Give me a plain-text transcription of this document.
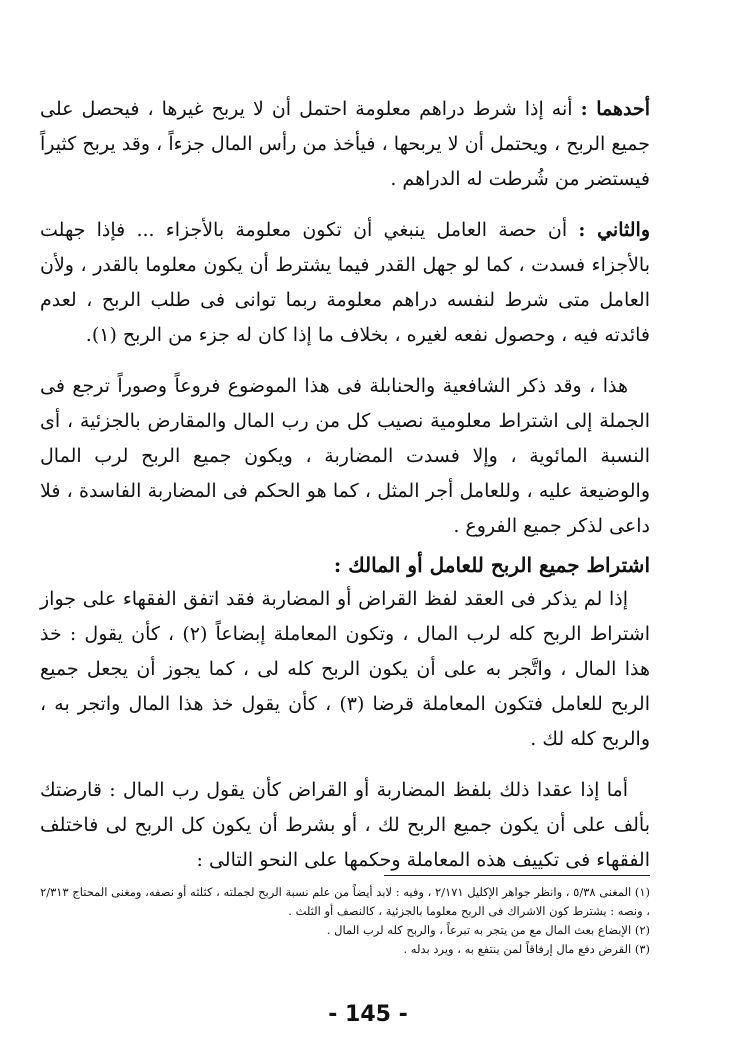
أحدهما : أنه إذا شرط دراهم معلومة احتمل أن لا يربح غيرها ، فيحصل على جميع الربح ، ويحتمل أن لا يربحها ، فيأخذ من رأس المال جزءاً ، وقد يربح كثيراً فيستضر من شُرطت له الدراهم .

والثاني : أن حصة العامل ينبغي أن تكون معلومة بالأجزاء ... فإذا جهلت بالأجزاء فسدت ، كما لو جهل القدر فيما يشترط أن يكون معلوما بالقدر ، ولأن العامل متى شرط لنفسه دراهم معلومة ربما توانى فى طلب الربح ، لعدم فائدته فيه ، وحصول نفعه لغيره ، بخلاف ما إذا كان له جزء من الربح (١).

هذا ، وقد ذكر الشافعية والحنابلة فى هذا الموضوع فروعاً وصوراً ترجع فى الجملة إلى اشتراط معلومية نصيب كل من رب المال والمقارض بالجزئية ، أى النسبة المائوية ، وإلا فسدت المضاربة ، ويكون جميع الربح لرب المال والوضيعة عليه ، وللعامل أجر المثل ، كما هو الحكم فى المضاربة الفاسدة ، فلا داعى لذكر جميع الفروع .

اشتراط جميع الربح للعامل أو المالك :

إذا لم يذكر فى العقد لفظ القراض أو المضاربة فقد اتفق الفقهاء على جواز اشتراط الربح كله لرب المال ، وتكون المعاملة إبضاعاً (٢) ، كأن يقول : خذ هذا المال ، واتَّجر به على أن يكون الربح كله لى ، كما يجوز أن يجعل جميع الربح للعامل فتكون المعاملة قرضا (٣) ، كأن يقول خذ هذا المال واتجر به ، والربح كله لك .

أما إذا عقدا ذلك بلفظ المضاربة أو القراض كأن يقول رب المال : قارضتك بألف على أن يكون جميع الربح لك ، أو بشرط أن يكون كل الربح لى فاختلف الفقهاء فى تكييف هذه المعاملة وحكمها على النحو التالى :

(١) المغنى ٥/٣٨ ، وانظر جواهر الإكليل ٢/١٧١ ، وفيه : لابد أيضاً من علم نسبة الربح لجملته ، كثلثه أو نصفه، ومغنى المحتاج ٢/٣١٣ ، ونصه : يشترط كون الاشراك فى الربح معلوما بالجزئية ، كالنصف أو الثلث .

(٢) الإبضاع بعث المال مع من يتجر به تبرعاً ، والربح كله لرب المال .

(٣) القرض دفع مال إرفاقاً لمن ينتفع به ، ويرد بدله .

- 145 -
